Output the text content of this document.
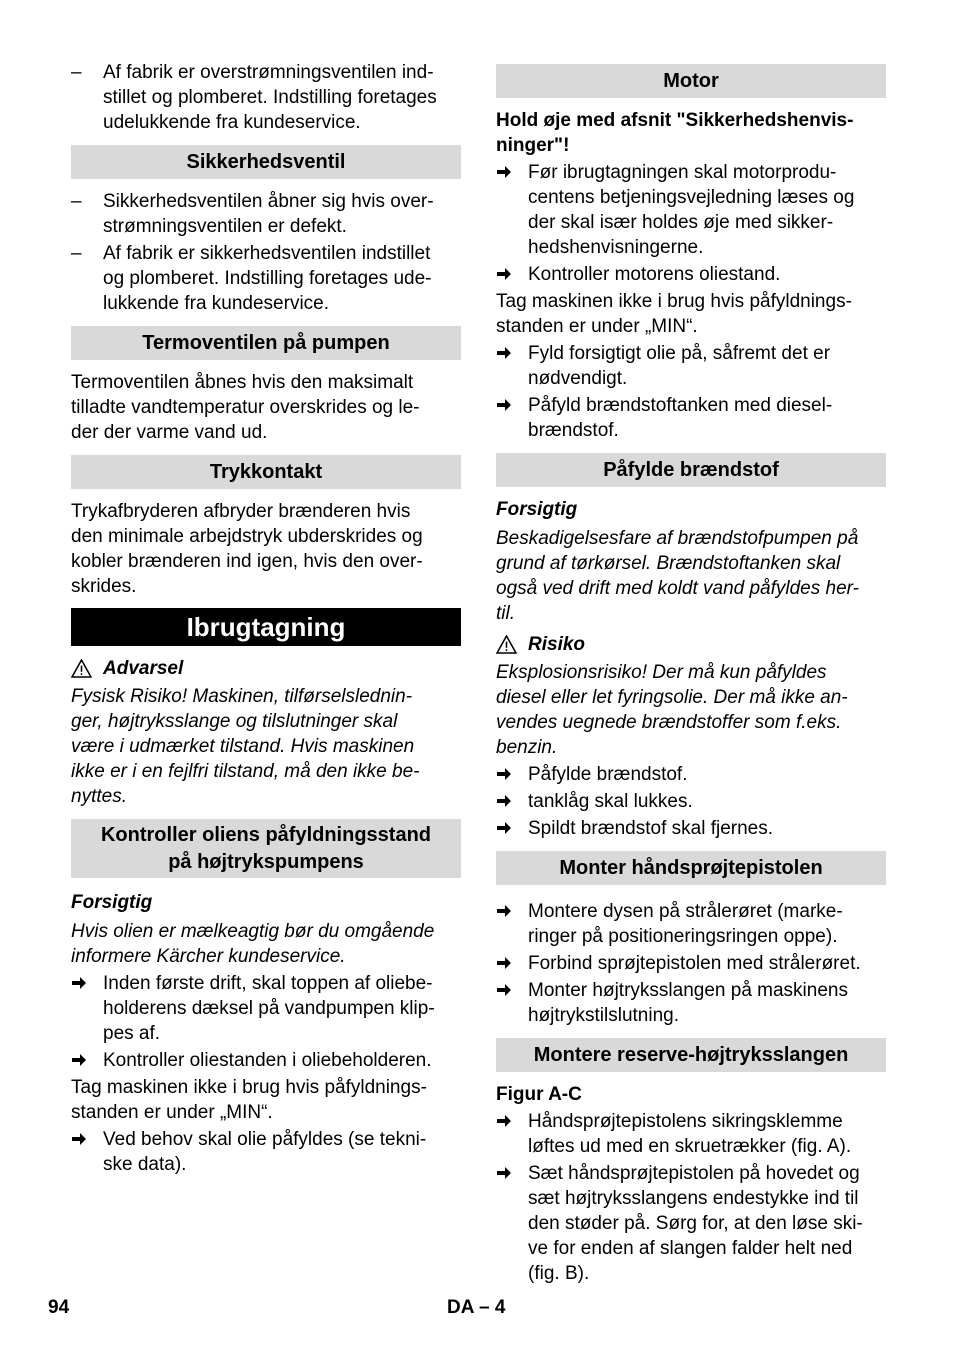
–	Af fabrik er overstrømningsventilen ind-
stillet og plomberet. Indstilling foretages
udelukkende fra kundeservice.
Sikkerhedsventil
–	Sikkerhedsventilen åbner sig hvis over-
strømningsventilen er defekt.
–	Af fabrik er sikkerhedsventilen indstillet
og plomberet. Indstilling foretages ude-
lukkende fra kundeservice.
Termoventilen på pumpen
Termoventilen åbnes hvis den maksimalt
tilladte vandtemperatur overskrides og le-
der der varme vand ud.
Trykkontakt
Trykafbryderen afbryder brænderen hvis
den minimale arbejdstryk ubderskrides og
kobler brænderen ind igen, hvis den over-
skrides.
Ibrugtagning
Advarsel
Fysisk Risiko! Maskinen, tilførselslednin-
ger, højtryksslange og tilslutninger skal
være i udmærket tilstand. Hvis maskinen
ikke er i en fejlfri tilstand, må den ikke be-
nyttes.
Kontroller oliens påfyldningsstand
på højtrykspumpens
Forsigtig
Hvis olien er mælkeagtig bør du omgående
informere Kärcher kundeservice.
Inden første drift, skal toppen af oliebe-
holderens dæksel på vandpumpen klip-
pes af.
Kontroller oliestanden i oliebeholderen.
Tag maskinen ikke i brug hvis påfyldnings-
standen er under „MIN“.
Ved behov skal olie påfyldes (se tekni-
ske data).
Motor
Hold øje med afsnit "Sikkerhedshenvis-
ninger"!
Før ibrugtagningen skal motorprodu-
centens betjeningsvejledning læses og
der skal især holdes øje med sikker-
hedshenvisningerne.
Kontroller motorens oliestand.
Tag maskinen ikke i brug hvis påfyldnings-
standen er under „MIN“.
Fyld forsigtigt olie på, såfremt det er
nødvendigt.
Påfyld brændstoftanken med diesel-
brændstof.
Påfylde brændstof
Forsigtig
Beskadigelsesfare af brændstofpumpen på
grund af tørkørsel. Brændstoftanken skal
også ved drift med koldt vand påfyldes her-
til.
Risiko
Eksplosionsrisiko! Der må kun påfyldes
diesel eller let fyringsolie. Der må ikke an-
vendes uegnede brændstoffer som f.eks.
benzin.
Påfylde brændstof.
tanklåg skal lukkes.
Spildt brændstof skal fjernes.
Monter håndsprøjtepistolen
Montere dysen på strålerøret (marke-
ringer på positioneringsringen oppe).
Forbind sprøjtepistolen med strålerøret.
Monter højtryksslangen på maskinens
højtrykstilslutning.
Montere reserve-højtryksslangen
Figur A-C
Håndsprøjtepistolens sikringsklemme
løftes ud med en skruetrækker (fig. A).
Sæt håndsprøjtepistolen på hovedet og
sæt højtryksslangens endestykke ind til
den støder på. Sørg for, at den løse ski-
ve for enden af slangen falder helt ned
(fig. B).
94	DA – 4
